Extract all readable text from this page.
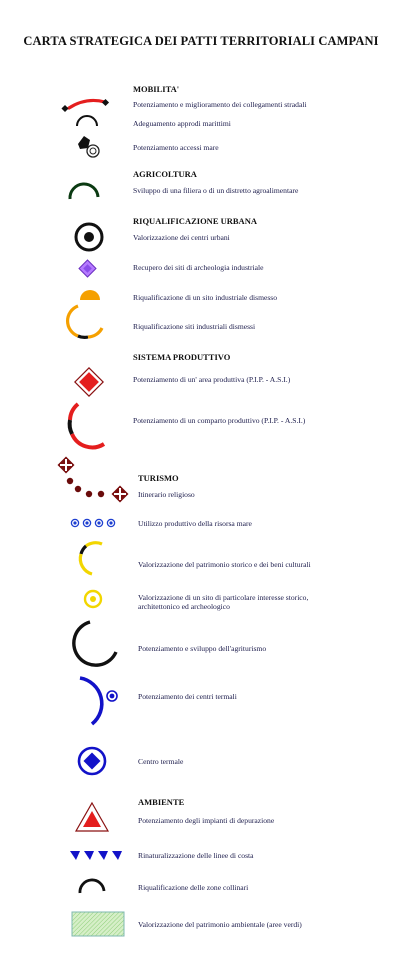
CARTA STRATEGICA DEI PATTI TERRITORIALI CAMPANI
MOBILITA'
Potenziamento e miglioramento dei collegamenti stradali
Adeguamento approdi marittimi
Potenziamento accessi mare
AGRICOLTURA
Sviluppo di una filiera o di un distretto agroalimentare
RIQUALIFICAZIONE URBANA
Valorizzazione dei centri urbani
Recupero dei siti di archeologia industriale
Riqualificazione di un sito industriale dismesso
Riqualificazione siti industriali dismessi
SISTEMA PRODUTTIVO
Potenziamento di un' area produttiva (P.I.P. - A.S.I.)
Potenziamento di un comparto produttivo (P.I.P. - A.S.I.)
TURISMO
Itinerario religioso
Utilizzo produttivo della risorsa mare
Valorizzazione del patrimonio storico e dei beni culturali
Valorizzazione di un sito di particolare interesse storico,
architettonico ed archeologico
Potenziamento e sviluppo dell'agriturismo
Potenziamento dei centri termali
Centro termale
AMBIENTE
Potenziamento degli impianti di depurazione
Rinaturalizzazione delle linee di costa
Riqualificazione delle zone collinari
Valorizzazione del patrimonio ambientale (aree verdi)
